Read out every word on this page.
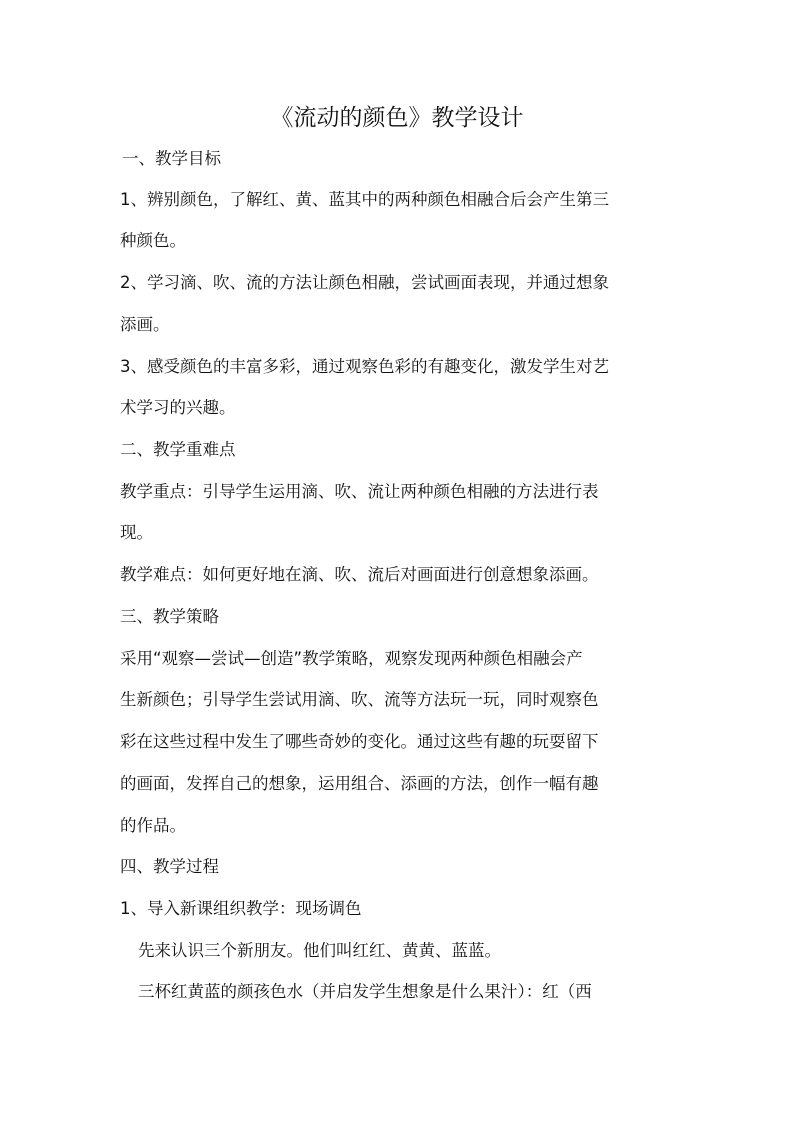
《流动的颜色》教学设计
一、教学目标
1、辨别颜色，了解红、黄、蓝其中的两种颜色相融合后会产生第三
种颜色。
2、学习滴、吹、流的方法让颜色相融，尝试画面表现，并通过想象
添画。
3、感受颜色的丰富多彩，通过观察色彩的有趣变化，激发学生对艺
术学习的兴趣。
二、教学重难点
教学重点：引导学生运用滴、吹、流让两种颜色相融的方法进行表
现。
教学难点：如何更好地在滴、吹、流后对画面进行创意想象添画。
三、教学策略
采用“观察—尝试—创造”教学策略，观察发现两种颜色相融会产
生新颜色；引导学生尝试用滴、吹、流等方法玩一玩，同时观察色
彩在这些过程中发生了哪些奇妙的变化。通过这些有趣的玩耍留下
的画面，发挥自己的想象，运用组合、添画的方法，创作一幅有趣
的作品。
四、教学过程
1、导入新课组织教学：现场调色
先来认识三个新朋友。他们叫红红、黄黄、蓝蓝。
三杯红黄蓝的颜孩色水（并启发学生想象是什么果汁）：红（西
